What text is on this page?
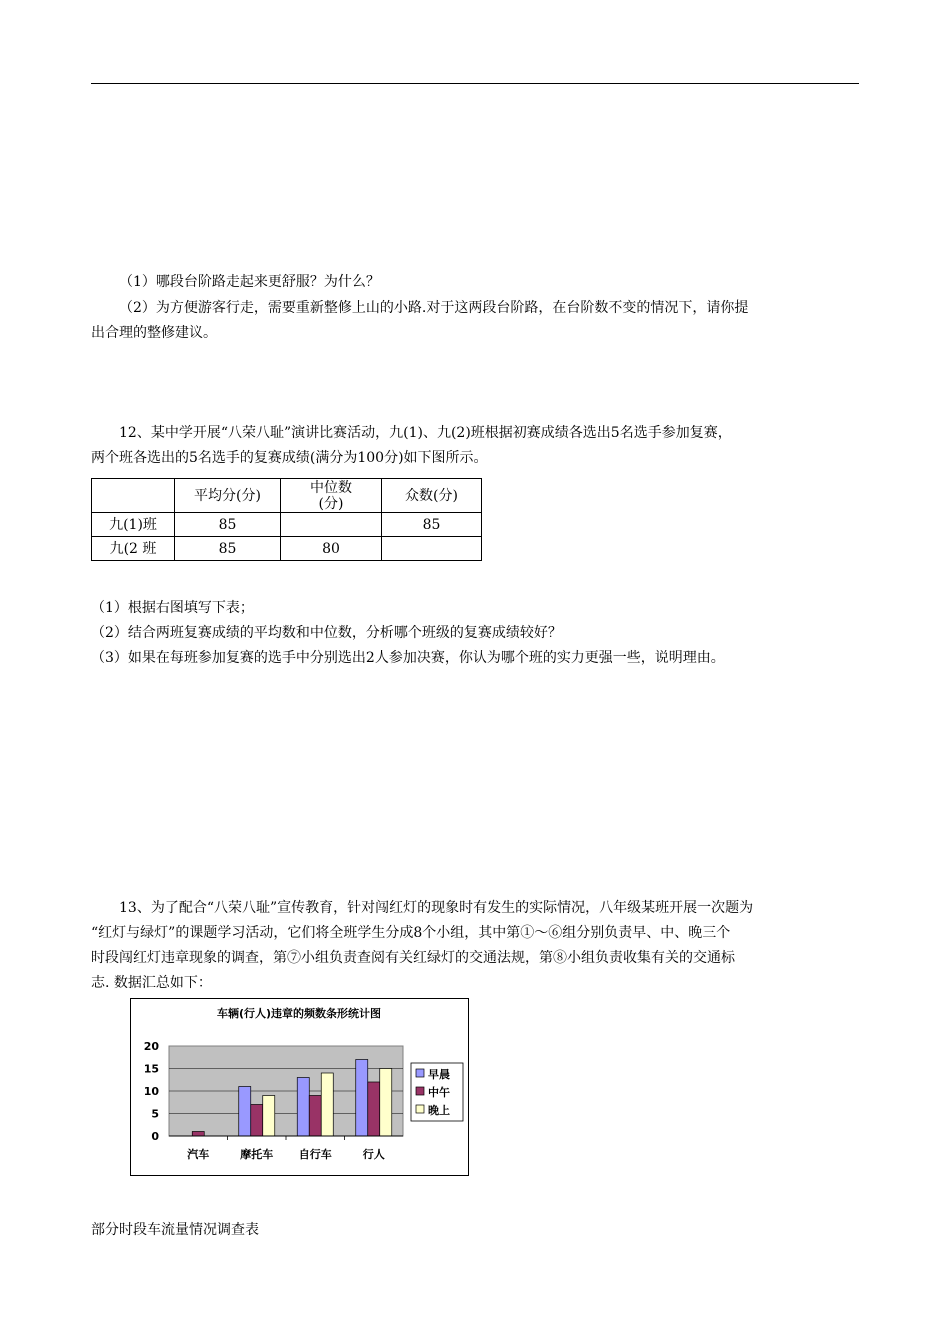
（1）哪段台阶路走起来更舒服？为什么？
（2）为方便游客行走，需要重新整修上山的小路.对于这两段台阶路，在台阶数不变的情况下，请你提
出合理的整修建议。
12、某中学开展“八荣八耻”演讲比赛活动，九(1)、九(2)班根据初赛成绩各选出5名选手参加复赛，
两个班各选出的5名选手的复赛成绩(满分为100分)如下图所示。
	平均分(分)	中位数
(分)	众数(分)
九(1)班	85		85
九(2 班	85	80	
（1）根据右图填写下表；
（2）结合两班复赛成绩的平均数和中位数，分析哪个班级的复赛成绩较好？
（3）如果在每班参加复赛的选手中分别选出2人参加决赛，你认为哪个班的实力更强一些，说明理由。
13、为了配合“八荣八耻”宣传教育，针对闯红灯的现象时有发生的实际情况，八年级某班开展一次题为
“红灯与绿灯”的课题学习活动，它们将全班学生分成8个小组，其中第①～⑥组分别负责早、中、晚三个
时段闯红灯违章现象的调查，第⑦小组负责查阅有关红绿灯的交通法规，第⑧小组负责收集有关的交通标
志. 数据汇总如下：
车辆(行人)违章的频数条形统计图
0
5
10
15
20
汽车	摩托车 自行车	行人
早晨
中午
晚上
部分时段车流量情况调查表
